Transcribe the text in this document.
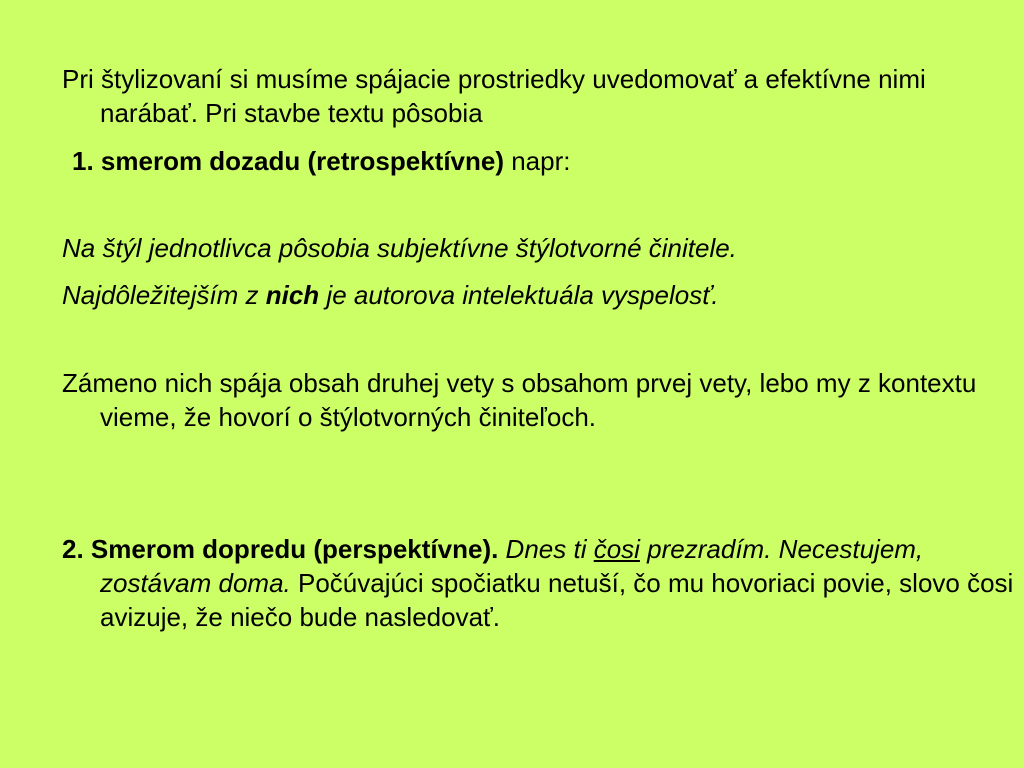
Pri štylizovaní si musíme spájacie prostriedky uvedomovať a efektívne nimi narábať. Pri stavbe textu pôsobia
1. smerom dozadu (retrospektívne) napr:
Na štýl jednotlivca pôsobia subjektívne štýlotvorné činitele.
Najdôležitejším z nich je autorova intelektuála vyspelosť.
Zámeno nich spája obsah druhej vety s obsahom prvej vety, lebo my z kontextu vieme, že hovorí o štýlotvorných činiteľoch.
2. Smerom dopredu (perspektívne). Dnes ti čosi prezradím. Necestujem, zostávam doma. Počúvajúci spočiatku netuší, čo mu hovoriaci povie, slovo čosi avizuje, že niečo bude nasledovať.
